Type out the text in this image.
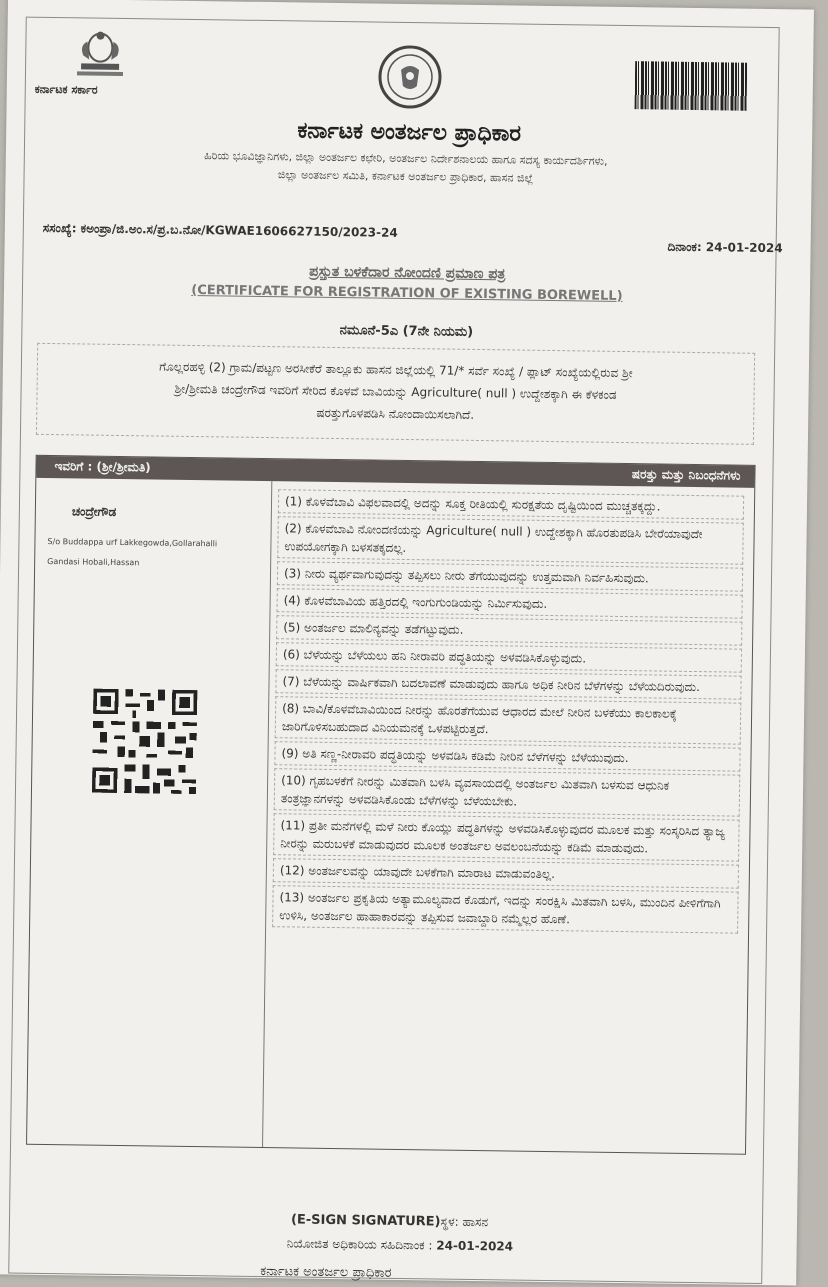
ಕರ್ನಾಟಕ ಸರ್ಕಾರ
ಕರ್ನಾಟಕ ಅಂತರ್ಜಲ ಪ್ರಾಧಿಕಾರ
ಹಿರಿಯ ಭೂವಿಜ್ಞಾನಿಗಳು, ಜಿಲ್ಲಾ ಅಂತರ್ಜಲ ಕಛೇರಿ, ಅಂತರ್ಜಲ ನಿರ್ದೇಶನಾಲಯ ಹಾಗೂ ಸದಸ್ಯ ಕಾರ್ಯದರ್ಶಿಗಳು,
ಜಿಲ್ಲಾ ಅಂತರ್ಜಲ ಸಮಿತಿ, ಕರ್ನಾಟಕ ಅಂತರ್ಜಲ ಪ್ರಾಧಿಕಾರ, ಹಾಸನ ಜಿಲ್ಲೆ
ಸಸಂಖ್ಯೆ: ಕಅಂಪ್ರಾ/ಜಿ.ಅಂ.ಸ/ಪ್ರ.ಬ.ನೋ/KGWAE1606627150/2023-24
ದಿನಾಂಕ: 24-01-2024
ಪ್ರಸ್ತುತ ಬಳಕೆದಾರ ನೋಂದಣಿ ಪ್ರಮಾಣ ಪತ್ರ
(CERTIFICATE FOR REGISTRATION OF EXISTING BOREWELL)
ನಮೂನೆ-5ಎ (7ನೇ ನಿಯಮ)
ಗೊಲ್ಲರಹಳ್ಳಿ (2) ಗ್ರಾಮ/ಪಟ್ಟಣ ಅರಸೀಕೆರೆ ತಾಲ್ಲೂಕು ಹಾಸನ ಜಿಲ್ಲೆಯಲ್ಲಿ 71/* ಸರ್ವೆ ಸಂಖ್ಯೆ / ಪ್ಲಾಟ್ ಸಂಖ್ಯೆಯಲ್ಲಿರುವ ಶ್ರೀ
ಶ್ರೀ/ಶ್ರೀಮತಿ ಚಂದ್ರೇಗೌಡ ಇವರಿಗೆ ಸೇರಿದ ಕೊಳವೆ ಬಾವಿಯನ್ನು Agriculture( null ) ಉದ್ದೇಶಕ್ಕಾಗಿ ಈ ಕೆಳಕಂಡ
ಷರತ್ತುಗೊಳಪಡಿಸಿ ನೋಂದಾಯಿಸಲಾಗಿದೆ.
ಇವರಿಗೆ : (ಶ್ರೀ/ಶ್ರೀಮತಿ)
ಷರತ್ತು ಮತ್ತು ನಿಬಂಧನೆಗಳು
ಚಂದ್ರೇಗೌಡ
S/o Buddappa urf Lakkegowda,Gollarahalli
Gandasi Hobali,Hassan
(1) ಕೊಳವೆಬಾವಿ ವಿಫಲವಾದಲ್ಲಿ ಅದನ್ನು ಸೂಕ್ತ ರೀತಿಯಲ್ಲಿ ಸುರಕ್ಷತೆಯ ದೃಷ್ಟಿಯಿಂದ ಮುಚ್ಚತಕ್ಕದ್ದು.
(2) ಕೊಳವೆಬಾವಿ ನೋಂದಣಿಯನ್ನು Agriculture( null ) ಉದ್ದೇಶಕ್ಕಾಗಿ ಹೊರತುಪಡಿಸಿ ಬೇರೆಯಾವುದೇ ಉಪಯೋಗಕ್ಕಾಗಿ ಬಳಸತಕ್ಕದಲ್ಲ.
(3) ನೀರು ವ್ಯರ್ಥವಾಗುವುದನ್ನು ತಪ್ಪಿಸಲು ನೀರು ತೆಗೆಯುವುದನ್ನು ಉತ್ತಮವಾಗಿ ನಿರ್ವಹಿಸುವುದು.
(4) ಕೊಳವೆಬಾವಿಯ ಹತ್ತಿರದಲ್ಲಿ ಇಂಗುಗುಂಡಿಯನ್ನು ನಿರ್ಮಿಸುವುದು.
(5) ಅಂತರ್ಜಲ ಮಾಲಿನ್ಯವನ್ನು ತಡೆಗಟ್ಟುವುದು.
(6) ಬೆಳೆಯನ್ನು ಬೆಳೆಯಲು ಹನಿ ನೀರಾವರಿ ಪದ್ಧತಿಯನ್ನು ಅಳವಡಿಸಿಕೊಳ್ಳುವುದು.
(7) ಬೆಳೆಯನ್ನು ವಾರ್ಷಿಕವಾಗಿ ಬದಲಾವಣೆ ಮಾಡುವುದು ಹಾಗೂ ಅಧಿಕ ನೀರಿನ ಬೆಳೆಗಳನ್ನು ಬೆಳೆಯದಿರುವುದು.
(8) ಬಾವಿ/ಕೊಳವೆಬಾವಿಯಿಂದ ನೀರನ್ನು ಹೊರತೆಗೆಯುವ ಆಧಾರದ ಮೇಲೆ ನೀರಿನ ಬಳಕೆಯು ಕಾಲಕಾಲಕ್ಕೆ ಜಾರಿಗೊಳಿಸಬಹುದಾದ ವಿನಿಯಮನಕ್ಕೆ ಒಳಪಟ್ಟಿರುತ್ತದೆ.
(9) ಅತಿ ಸಣ್ಣ-ನೀರಾವರಿ ಪದ್ಧತಿಯನ್ನು ಅಳವಡಿಸಿ ಕಡಿಮೆ ನೀರಿನ ಬೆಳೆಗಳನ್ನು ಬೆಳೆಯುವುದು.
(10) ಗೃಹಬಳಕೆಗೆ ನೀರನ್ನು ಮಿತವಾಗಿ ಬಳಸಿ ವ್ಯವಸಾಯದಲ್ಲಿ ಅಂತರ್ಜಲ ಮಿತವಾಗಿ ಬಳಸುವ ಆಧುನಿಕ ತಂತ್ರಜ್ಞಾನಗಳನ್ನು ಅಳವಡಿಸಿಕೊಂಡು ಬೆಳೆಗಳನ್ನು ಬೆಳೆಯಬೇಕು.
(11) ಪ್ರತೀ ಮನೆಗಳಲ್ಲಿ ಮಳೆ ನೀರು ಕೊಯ್ಲು ಪದ್ಧತಿಗಳನ್ನು ಅಳವಡಿಸಿಕೊಳ್ಳುವುದರ ಮೂಲಕ ಮತ್ತು ಸಂಸ್ಕರಿಸಿದ ತ್ಯಾಜ್ಯ ನೀರನ್ನು ಮರುಬಳಕೆ ಮಾಡುವುದರ ಮೂಲಕ ಅಂತರ್ಜಲ ಅವಲಂಬನೆಯನ್ನು ಕಡಿಮೆ ಮಾಡುವುದು.
(12) ಅಂತರ್ಜಲವನ್ನು ಯಾವುದೇ ಬಳಕೆಗಾಗಿ ಮಾರಾಟ ಮಾಡುವಂತಿಲ್ಲ.
(13) ಅಂತರ್ಜಲ ಪ್ರಕೃತಿಯ ಅತ್ಯಾಮೂಲ್ಯವಾದ ಕೊಡುಗೆ, ಇದನ್ನು ಸಂರಕ್ಷಿಸಿ ಮಿತವಾಗಿ ಬಳಸಿ, ಮುಂದಿನ ಪೀಳಿಗೆಗಾಗಿ ಉಳಿಸಿ, ಅಂತರ್ಜಲ ಹಾಹಾಕಾರವನ್ನು ತಪ್ಪಿಸುವ ಜವಾಬ್ದಾರಿ ನಮ್ಮೆಲ್ಲರ ಹೊಣೆ.
(E-SIGN SIGNATURE)ಸ್ಥಳ: ಹಾಸನ
ನಿಯೋಜಿತ ಅಧಿಕಾರಿಯ ಸಹಿದಿನಾಂಕ : 24-01-2024
ಕರ್ನಾಟಕ ಅಂತರ್ಜಲ ಪ್ರಾಧಿಕಾರ
